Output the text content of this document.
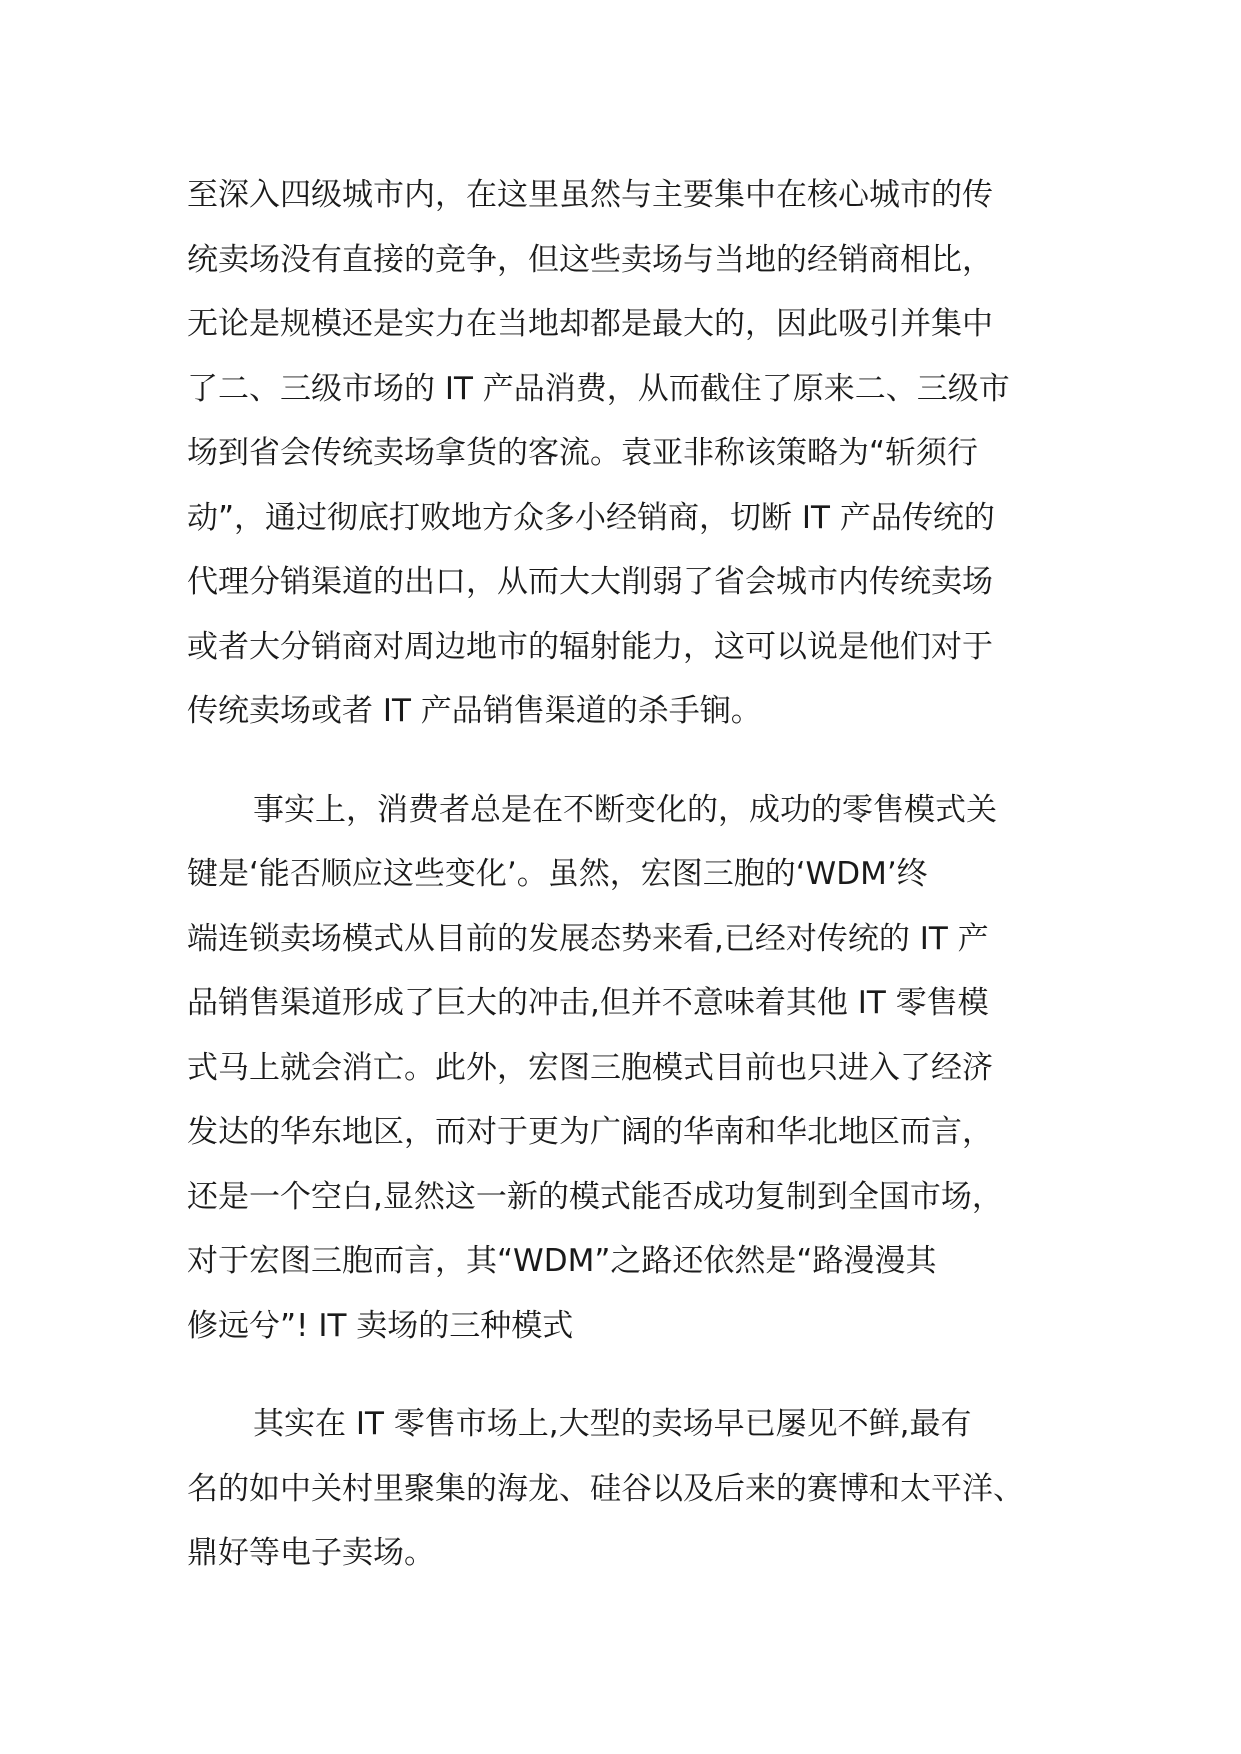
至深入四级城市内，在这里虽然与主要集中在核心城市的传
统卖场没有直接的竞争，但这些卖场与当地的经销商相比，
无论是规模还是实力在当地却都是最大的，因此吸引并集中
了二、三级市场的 IT 产品消费，从而截住了原来二、三级市
场到省会传统卖场拿货的客流。袁亚非称该策略为“斩须行
动”，通过彻底打败地方众多小经销商，切断 IT 产品传统的
代理分销渠道的出口，从而大大削弱了省会城市内传统卖场
或者大分销商对周边地市的辐射能力，这可以说是他们对于
传统卖场或者 IT 产品销售渠道的杀手锏。
事实上，消费者总是在不断变化的，成功的零售模式关
键是‘能否顺应这些变化’。虽然，宏图三胞的‘WDM’终
端连锁卖场模式从目前的发展态势来看,已经对传统的 IT 产
品销售渠道形成了巨大的冲击,但并不意味着其他 IT 零售模
式马上就会消亡。此外，宏图三胞模式目前也只进入了经济
发达的华东地区，而对于更为广阔的华南和华北地区而言，
还是一个空白,显然这一新的模式能否成功复制到全国市场，
对于宏图三胞而言，其“WDM”之路还依然是“路漫漫其
修远兮”! IT 卖场的三种模式
其实在 IT 零售市场上,大型的卖场早已屡见不鲜,最有
名的如中关村里聚集的海龙、硅谷以及后来的赛博和太平洋、
鼎好等电子卖场。
